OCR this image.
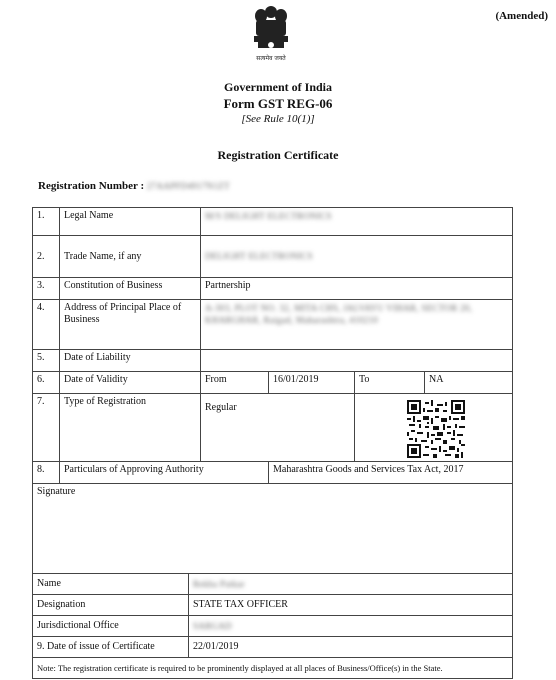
(Amended)
सत्यमेव जयते
Government of India
Form GST REG-06
[See Rule 10(1)]
Registration Certificate
Registration Number : 27AAPFD4917N1ZT
1.	Legal Name	M/S DELIGHT ELECTRONICS			
2.	Trade Name, if any	DELIGHT ELECTRONICS			
3.	Constitution of Business	Partnership			
4.	Address of Principal Place of Business	A-303, PLOT NO. 32, MITA CHS, JALVAYU VIHAR, SECTOR 20, KHARGHAR, Raigad, Maharashtra, 410210			
5.	Date of Liability				
6.	Date of Validity	From	16/01/2019	To	NA
7.	Type of Registration	Regular	

8.	Particulars of Approving Authority		Maharashtra Goods and Services Tax Act, 2017		
Signature	
Name	Rekha Patkar
Designation	STATE TAX OFFICER
Jurisdictional Office	SARGAD
9. Date of issue of Certificate	22/01/2019
Note: The registration certificate is required to be prominently displayed at all places of Business/Office(s) in the State.	
